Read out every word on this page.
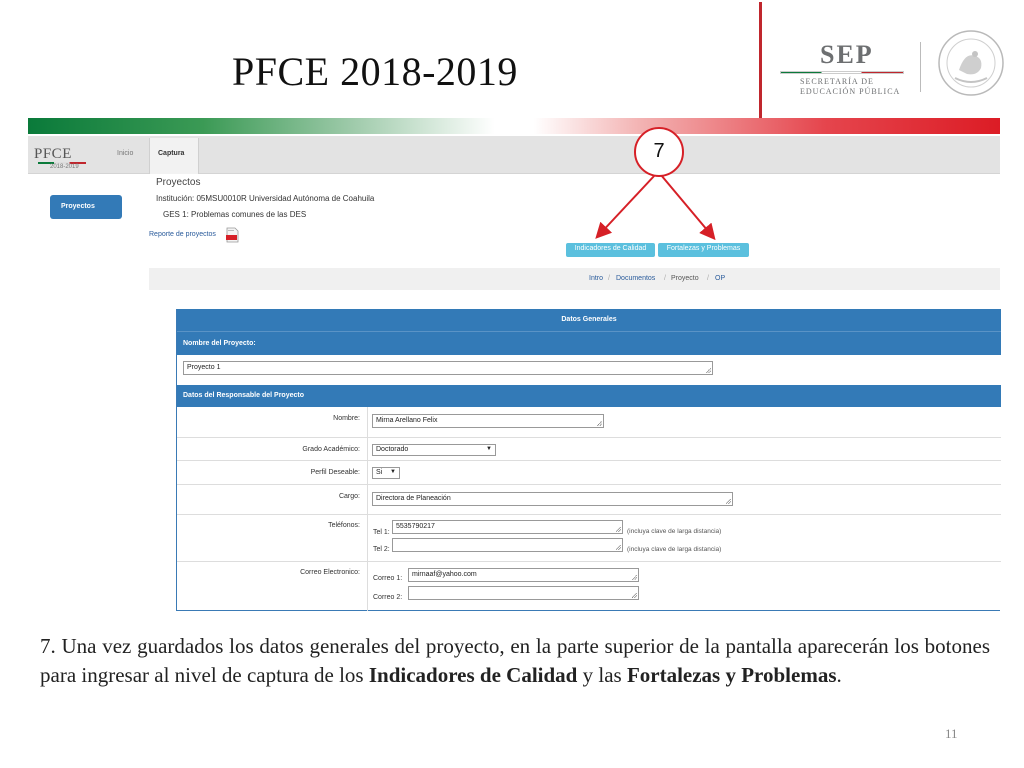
PFCE 2018-2019	SEP
SECRETARÍA DE
EDUCACIÓN PÚBLICA
PFCE
2018-2019
Inicio	Captura
Proyectos
Proyectos
Institución: 05MSU0010R Universidad Autónoma de Coahuila
GES 1: Problemas comunes de las DES
Reporte de proyectos
Indicadores de Calidad	Fortalezas y Problemas
Intro / Documentos / Proyecto / OP
Datos Generales
Nombre del Proyecto:
Proyecto 1
Datos del Responsable del Proyecto
Nombre:	Mirna Arellano Felix
Grado Académico:	Doctorado	▼
Perfil Deseable:	Si ▼
Cargo:	Directora de Planeación
Teléfonos:
Tel 1:
5535790217
(incluya clave de larga distancia)
Tel 2:	(incluya clave de larga distancia)
Correo Electronico:
Correo 1:
mirnaaf@yahoo.com
Correo 2:
7
7. Una vez guardados los datos generales del proyecto, en la parte superior de la pantalla aparecerán los botones para ingresar al nivel de captura de los Indicadores de Calidad y las Fortalezas y Problemas.
11
